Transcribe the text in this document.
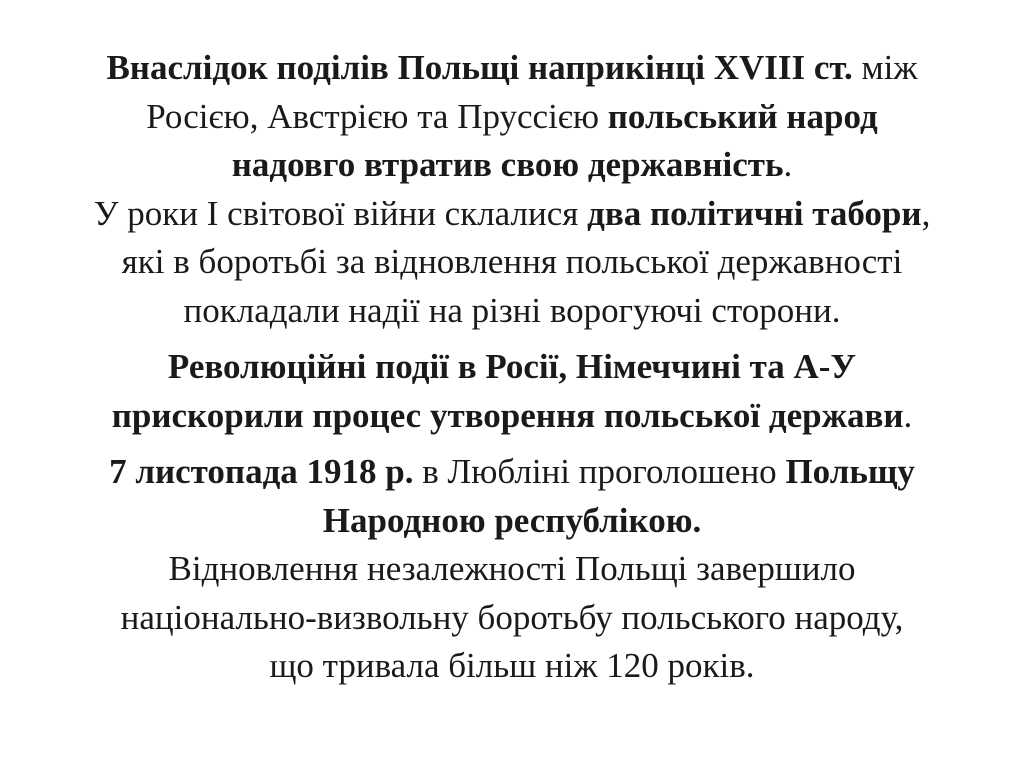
Внаслідок поділів Польщі наприкінці XVIII ст. між
Росією, Австрією та Пруссією польський народ
надовго втратив свою державність.
У роки І світової війни склалися два політичні табори,
які в боротьбі за відновлення польської державності
покладали надії на різні ворогуючі сторони.

Революційні події в Росії, Німеччині та А-У
прискорили процес утворення польської держави.

7 листопада 1918 р. в Любліні проголошено Польщу
Народною республікою.
Відновлення незалежності Польщі завершило
національно-визвольну боротьбу польського народу,
що тривала більш ніж 120 років.
